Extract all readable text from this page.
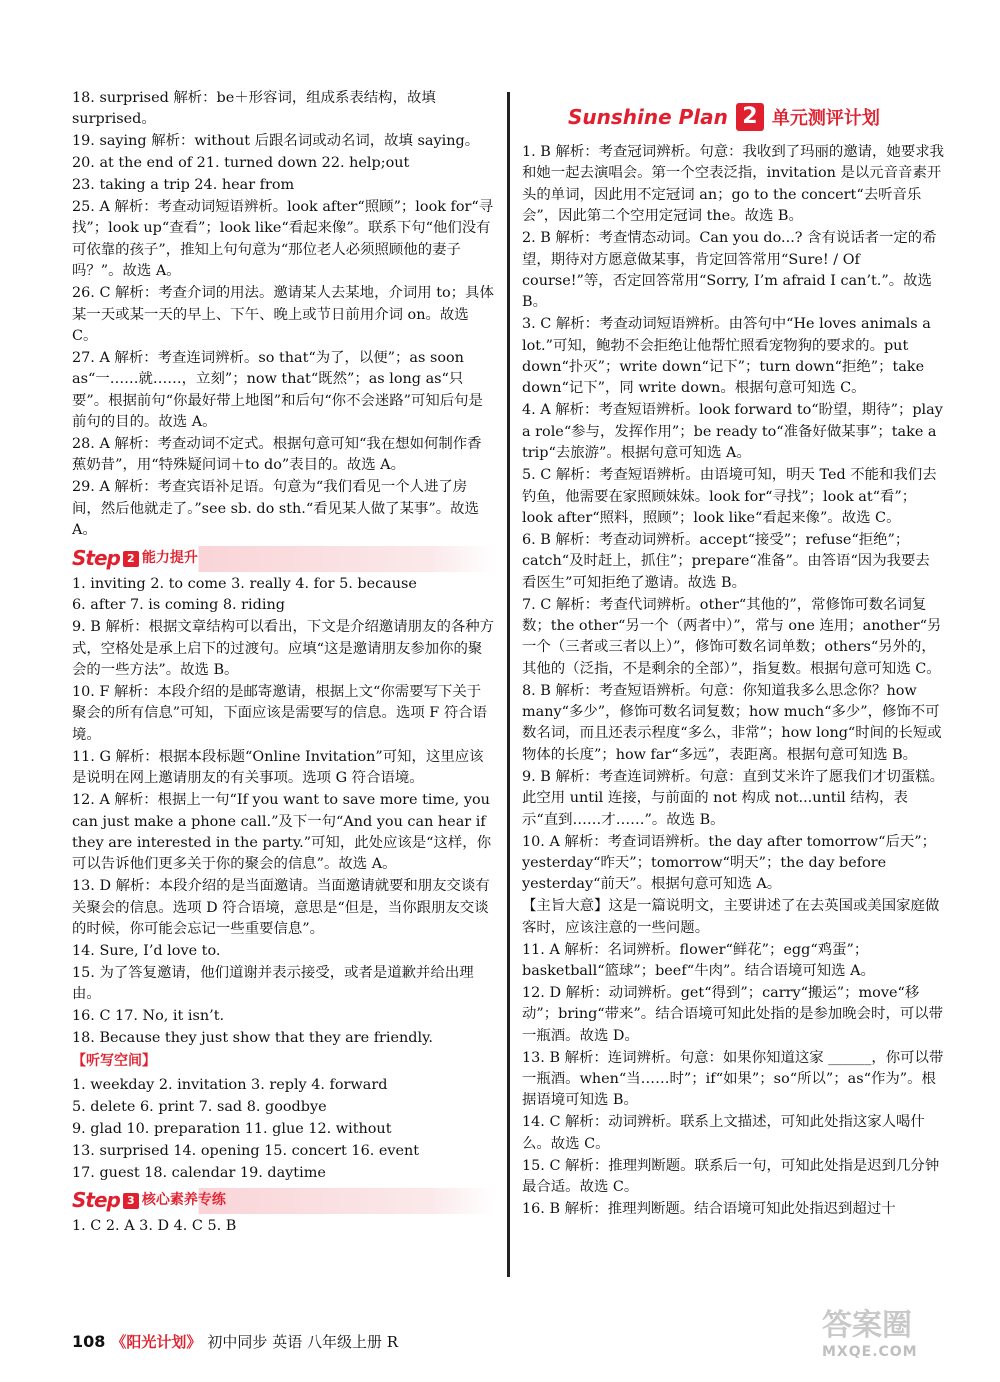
Sunshine Plan 2 单元测评计划
18. surprised 解析：be＋形容词，组成系表结构，故填 surprised。
19. saying 解析：without 后跟名词或动名词，故填 saying。
20. at the end of 21. turned down 22. help;out
23. taking a trip 24. hear from
25. A 解析：考查动词短语辨析。look after“照顾”；look for“寻找”；look up“查看”；look like“看起来像”。联系下句“他们没有可依靠的孩子”，推知上句句意为“那位老人必须照顾他的妻子吗？”。故选 A。
26. C 解析：考查介词的用法。邀请某人去某地，介词用 to；具体某一天或某一天的早上、下午、晚上或节日前用介词 on。故选 C。
27. A 解析：考查连词辨析。so that“为了，以便”；as soon as“一……就……，立刻”；now that“既然”；as long as“只要”。根据前句“你最好带上地图”和后句“你不会迷路”可知后句是前句的目的。故选 A。
28. A 解析：考查动词不定式。根据句意可知“我在想如何制作香蕉奶昔”，用“特殊疑问词＋to do”表目的。故选 A。
29. A 解析：考查宾语补足语。句意为“我们看见一个人进了房间，然后他就走了。”see sb. do sth.“看见某人做了某事”。故选 A。
Step 2 能力提升
1. inviting 2. to come 3. really 4. for 5. because
6. after 7. is coming 8. riding
9. B 解析：根据文章结构可以看出，下文是介绍邀请朋友的各种方式，空格处是承上启下的过渡句。应填“这是邀请朋友参加你的聚会的一些方法”。故选 B。
10. F 解析：本段介绍的是邮寄邀请，根据上文“你需要写下关于聚会的所有信息”可知，下面应该是需要写的信息。选项 F 符合语境。
11. G 解析：根据本段标题“Online Invitation”可知，这里应该是说明在网上邀请朋友的有关事项。选项 G 符合语境。
12. A 解析：根据上一句“If you want to save more time, you can just make a phone call.”及下一句“And you can hear if they are interested in the party.”可知，此处应该是“这样，你可以告诉他们更多关于你的聚会的信息”。故选 A。
13. D 解析：本段介绍的是当面邀请。当面邀请就要和朋友交谈有关聚会的信息。选项 D 符合语境，意思是“但是，当你跟朋友交谈的时候，你可能会忘记一些重要信息”。
14. Sure, I’d love to.
15. 为了答复邀请，他们道谢并表示接受，或者是道歉并给出理由。
16. C 17. No, it isn’t.
18. Because they just show that they are friendly.
【听写空间】
1. weekday 2. invitation 3. reply 4. forward
5. delete 6. print 7. sad 8. goodbye
9. glad 10. preparation 11. glue 12. without
13. surprised 14. opening 15. concert 16. event
17. guest 18. calendar 19. daytime
Step 3 核心素养专练
1. C 2. A 3. D 4. C 5. B
1. B 解析：考查冠词辨析。句意：我收到了玛丽的邀请，她要求我和她一起去演唱会。第一个空表泛指，invitation 是以元音音素开头的单词，因此用不定冠词 an；go to the concert“去听音乐会”，因此第二个空用定冠词 the。故选 B。
2. B 解析：考查情态动词。Can you do...? 含有说话者一定的希望，期待对方愿意做某事，肯定回答常用“Sure! / Of course!”等，否定回答常用“Sorry, I’m afraid I can’t.”。故选 B。
3. C 解析：考查动词短语辨析。由答句中“He loves animals a lot.”可知，鲍勃不会拒绝让他帮忙照看宠物狗的要求的。put down“扑灭”；write down“记下”；turn down“拒绝”；take down“记下”，同 write down。根据句意可知选 C。
4. A 解析：考查短语辨析。look forward to“盼望，期待”；play a role“参与，发挥作用”；be ready to“准备好做某事”；take a trip“去旅游”。根据句意可知选 A。
5. C 解析：考查短语辨析。由语境可知，明天 Ted 不能和我们去钓鱼，他需要在家照顾妹妹。look for“寻找”；look at“看”；look after“照料，照顾”；look like“看起来像”。故选 C。
6. B 解析：考查动词辨析。accept“接受”；refuse“拒绝”；catch“及时赶上，抓住”；prepare“准备”。由答语“因为我要去看医生”可知拒绝了邀请。故选 B。
7. C 解析：考查代词辨析。other“其他的”，常修饰可数名词复数；the other“另一个（两者中）”，常与 one 连用；another“另一个（三者或三者以上）”，修饰可数名词单数；others“另外的，其他的（泛指，不是剩余的全部）”，指复数。根据句意可知选 C。
8. B 解析：考查短语辨析。句意：你知道我多么思念你？how many“多少”，修饰可数名词复数；how much“多少”，修饰不可数名词，而且还表示程度“多么，非常”；how long“时间的长短或物体的长度”；how far“多远”，表距离。根据句意可知选 B。
9. B 解析：考查连词辨析。句意：直到艾米许了愿我们才切蛋糕。此空用 until 连接，与前面的 not 构成 not...until 结构，表示“直到……才……”。故选 B。
10. A 解析：考查词语辨析。the day after tomorrow“后天”；yesterday“昨天”；tomorrow“明天”；the day before yesterday“前天”。根据句意可知选 A。
【主旨大意】这是一篇说明文，主要讲述了在去英国或美国家庭做客时，应该注意的一些问题。
11. A 解析：名词辨析。flower“鲜花”；egg“鸡蛋”；basketball“篮球”；beef“牛肉”。结合语境可知选 A。
12. D 解析：动词辨析。get“得到”；carry“搬运”；move“移动”；bring“带来”。结合语境可知此处指的是参加晚会时，可以带一瓶酒。故选 D。
13. B 解析：连词辨析。句意：如果你知道这家 ______，你可以带一瓶酒。when“当……时”；if“如果”；so“所以”；as“作为”。根据语境可知选 B。
14. C 解析：动词辨析。联系上文描述，可知此处指这家人喝什么。故选 C。
15. C 解析：推理判断题。联系后一句，可知此处指是迟到几分钟最合适。故选 C。
16. B 解析：推理判断题。结合语境可知此处指迟到超过十
108 《阳光计划》 初中同步 英语 八年级上册 R	答案圈
MXQE.COM
